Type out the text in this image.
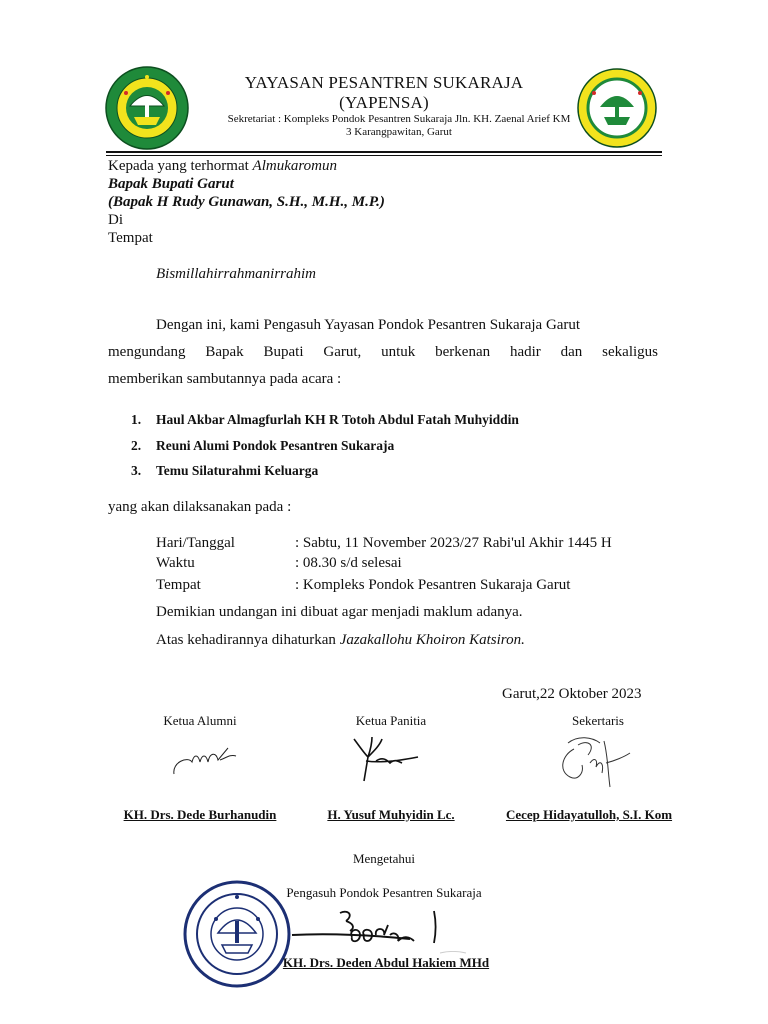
YAYASAN PESANTREN SUKARAJA
(YAPENSA)
Sekretariat : Kompleks Pondok Pesantren Sukaraja Jln. KH. Zaenal Arief KM
3 Karangpawitan, Garut
Kepada yang terhormat Almukaromun
Bapak Bupati Garut
(Bapak H Rudy Gunawan, S.H., M.H., M.P.)
Di
Tempat
Bismillahirrahmanirrahim
Dengan ini, kami Pengasuh Yayasan Pondok Pesantren Sukaraja Garut
mengundang Bapak Bupati Garut, untuk berkenan hadir dan sekaligus
memberikan sambutannya pada acara :
1. Haul Akbar Almagfurlah KH R Totoh Abdul Fatah Muhyiddin
2. Reuni Alumi Pondok Pesantren Sukaraja
3. Temu Silaturahmi Keluarga
yang akan dilaksanakan pada :
Hari/Tanggal	: Sabtu, 11 November 2023/27 Rabi'ul Akhir 1445 H
Waktu	: 08.30 s/d selesai
Tempat	: Kompleks Pondok Pesantren Sukaraja Garut
Demikian undangan ini dibuat agar menjadi maklum adanya.
Atas kehadirannya dihaturkan Jazakallohu Khoiron Katsiron.
Garut,22 Oktober 2023
Ketua Alumni	Ketua Panitia	Sekertaris
KH. Drs. Dede Burhanudin	H. Yusuf Muhyidin Lc.	Cecep Hidayatulloh, S.I. Kom
Mengetahui
Pengasuh Pondok Pesantren Sukaraja
KH. Drs. Deden Abdul Hakiem MHd
